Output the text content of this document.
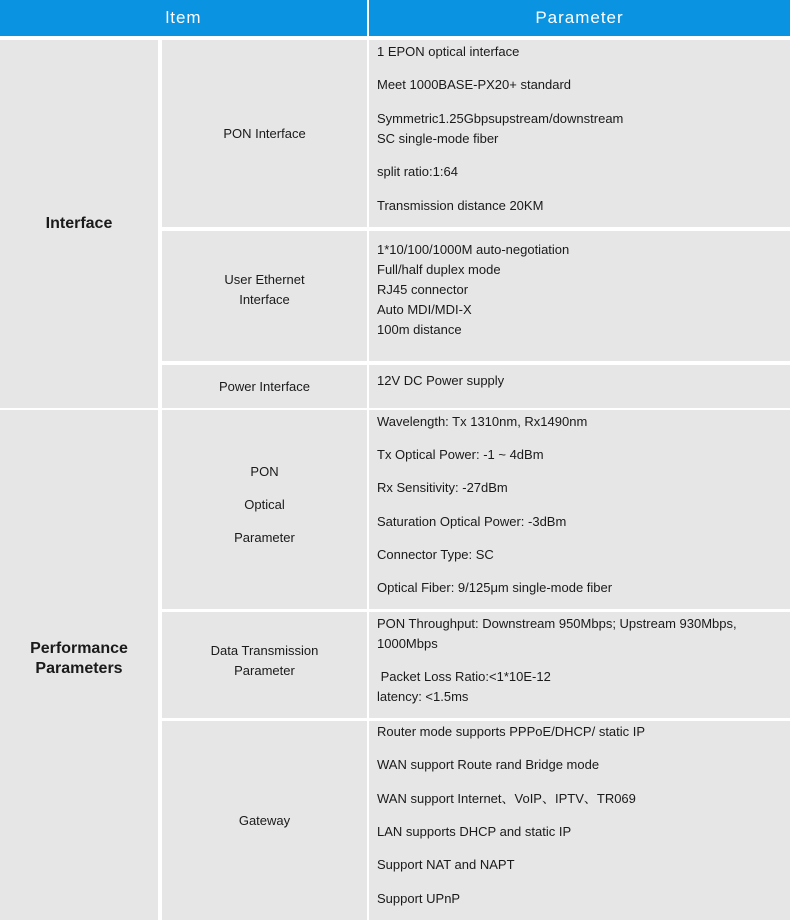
ltem	Parameter
Interface
PON Interface
1 EPON optical interface
Meet 1000BASE-PX20+ standard
Symmetric1.25Gbpsupstream/downstream
SC single-mode fiber
split ratio:1:64
Transmission distance 20KM
User Ethernet
Interface
1*10/100/1000M auto-negotiation
Full/half duplex mode
RJ45 connector
Auto MDI/MDI-X
100m distance
Power Interface	12V DC Power supply
Performance
Parameters
PON
Optical
Parameter
Wavelength: Tx 1310nm, Rx1490nm
Tx Optical Power: -1 ~ 4dBm
Rx Sensitivity: -27dBm
Saturation Optical Power: -3dBm
Connector Type: SC
Optical Fiber: 9/125μm single-mode fiber
Data Transmission
Parameter
PON Throughput: Downstream 950Mbps; Upstream 930Mbps,
1000Mbps
Packet Loss Ratio:<1*10E-12
latency: <1.5ms
Gateway
Router mode supports PPPoE/DHCP/ static IP
WAN support Route rand Bridge mode
WAN support Internet、VoIP、IPTV、TR069
LAN supports DHCP and static IP
Support NAT and NAPT
Support UPnP
